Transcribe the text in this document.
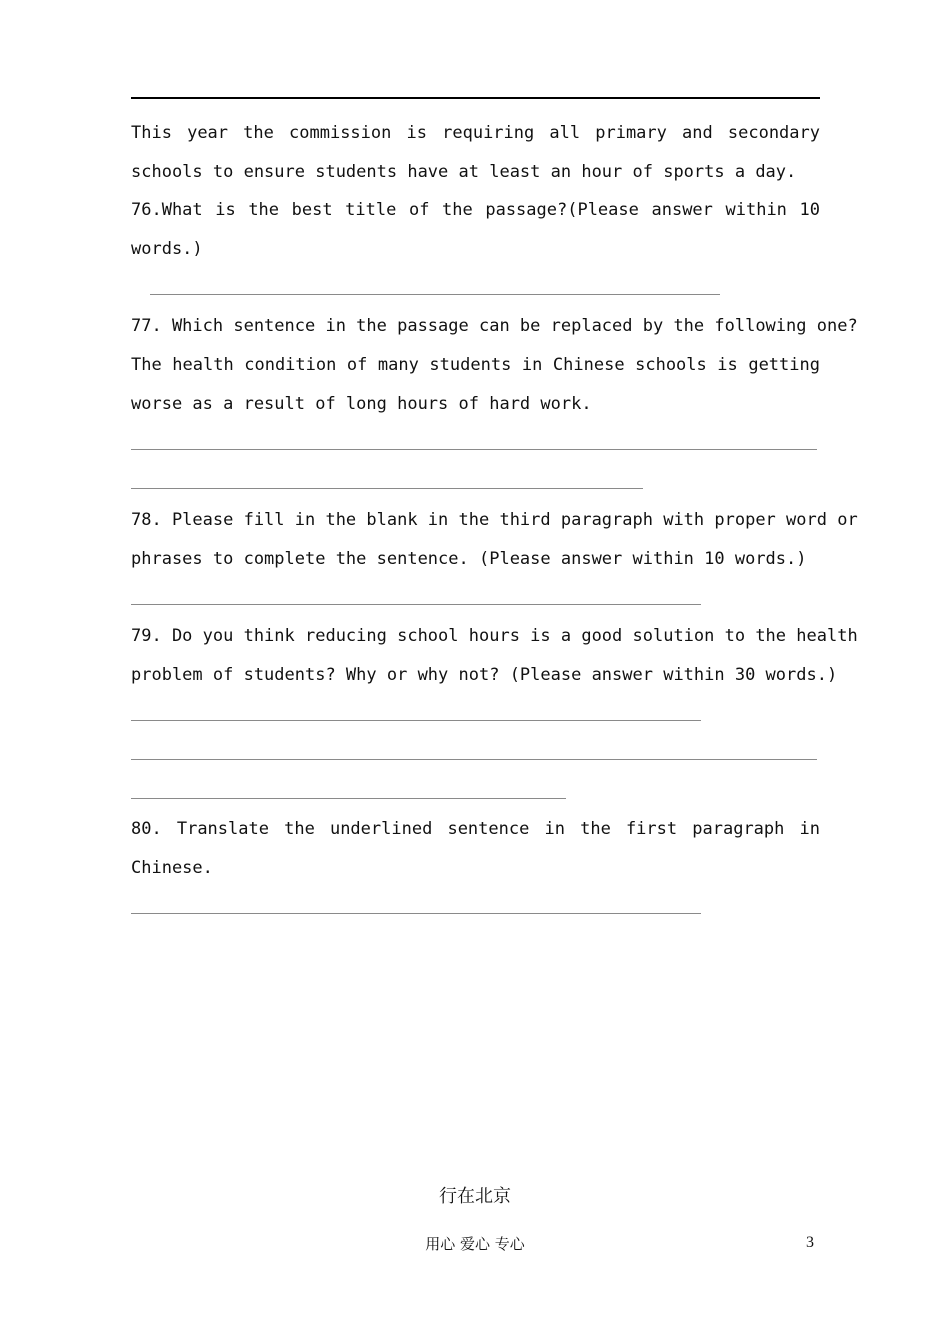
This year the commission is requiring all primary and secondary
schools to ensure students have at least an hour of sports a day.
76.What is the best title of the passage?(Please answer within 10
words.)
77. Which sentence in the passage can be replaced by the following one?
The health condition of many students in Chinese schools is getting
worse as a result of long hours of hard work.
78. Please fill in the blank in the third paragraph with proper word or
phrases to complete the sentence. (Please answer within 10 words.)
79. Do you think reducing school hours is a good solution to the health
problem of students? Why or why not? (Please answer within 30 words.)
80. Translate the underlined sentence in the first paragraph in
Chinese.
行在北京
用心 爱心 专心	3
